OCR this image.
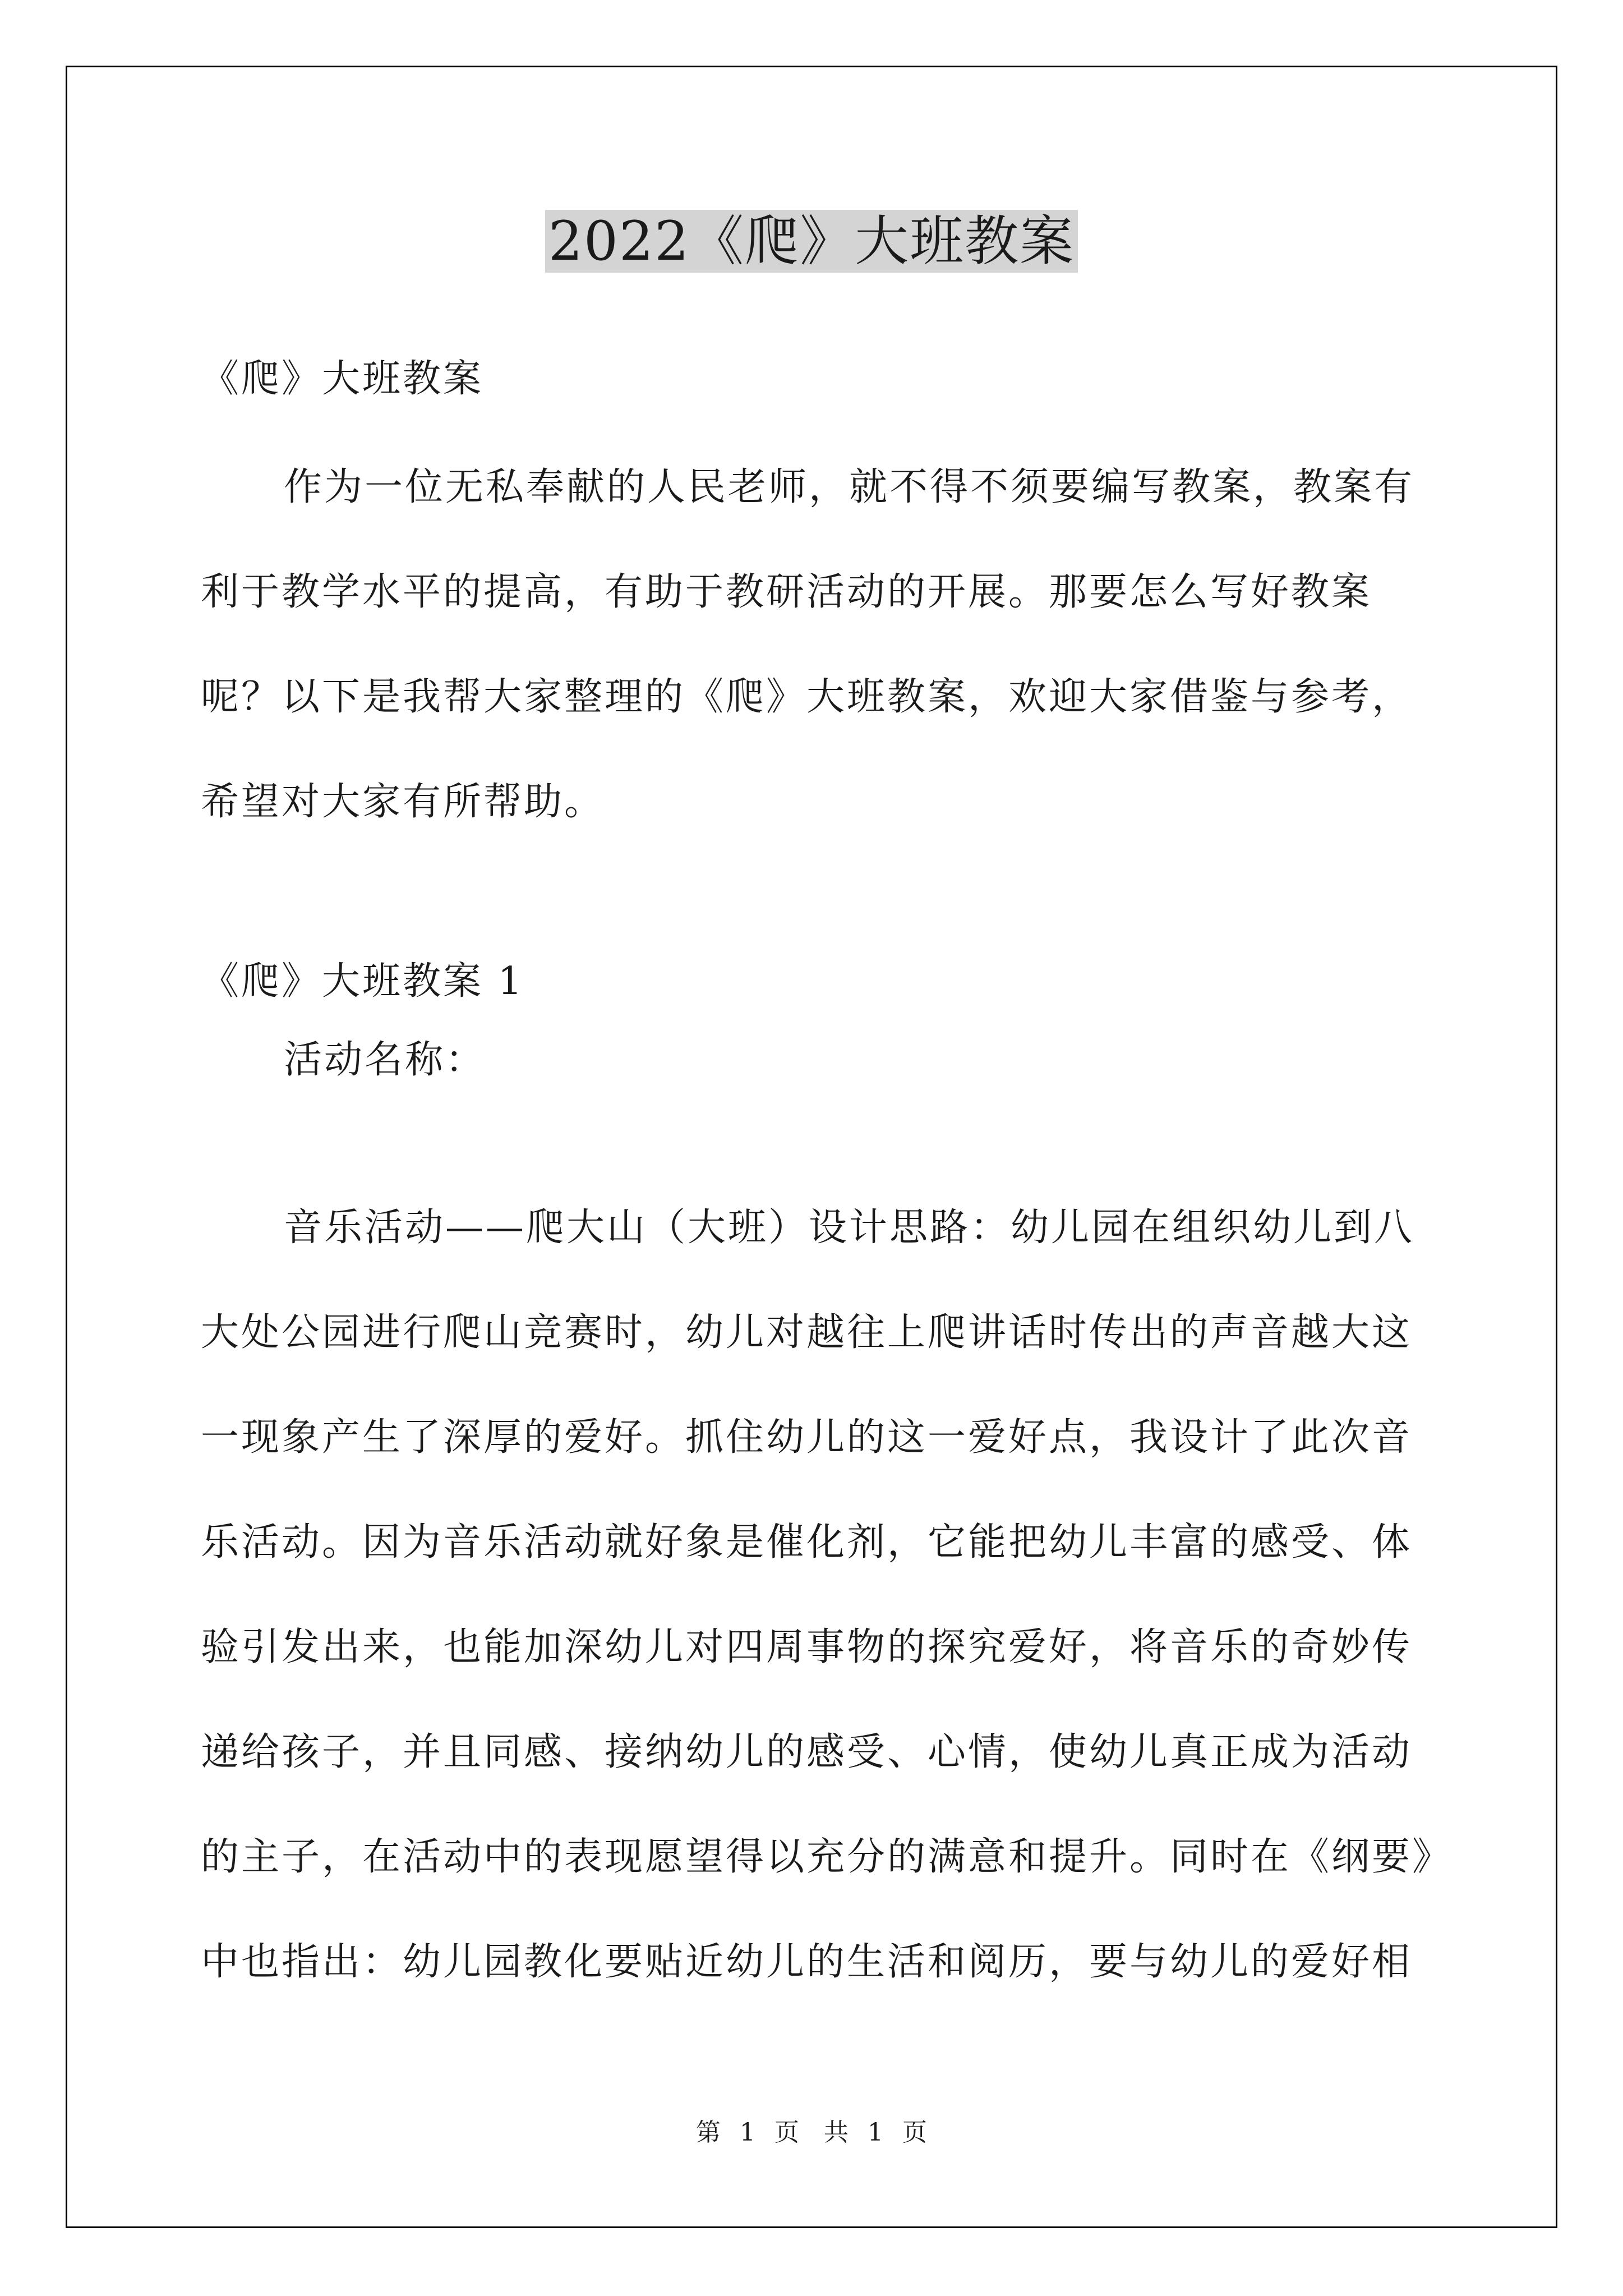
2022《爬》大班教案

《爬》大班教案

作为一位无私奉献的人民老师，就不得不须要编写教案，教案有利于教学水平的提高，有助于教研活动的开展。那要怎么写好教案呢？以下是我帮大家整理的《爬》大班教案，欢迎大家借鉴与参考，希望对大家有所帮助。

《爬》大班教案 1

活动名称：

音乐活动——爬大山（大班）设计思路：幼儿园在组织幼儿到八大处公园进行爬山竞赛时，幼儿对越往上爬讲话时传出的声音越大这一现象产生了深厚的爱好。抓住幼儿的这一爱好点，我设计了此次音乐活动。因为音乐活动就好象是催化剂，它能把幼儿丰富的感受、体验引发出来，也能加深幼儿对四周事物的探究爱好，将音乐的奇妙传递给孩子，并且同感、接纳幼儿的感受、心情，使幼儿真正成为活动的主子，在活动中的表现愿望得以充分的满意和提升。同时在《纲要》中也指出：幼儿园教化要贴近幼儿的生活和阅历，要与幼儿的爱好相

第 1 页　共 1 页
